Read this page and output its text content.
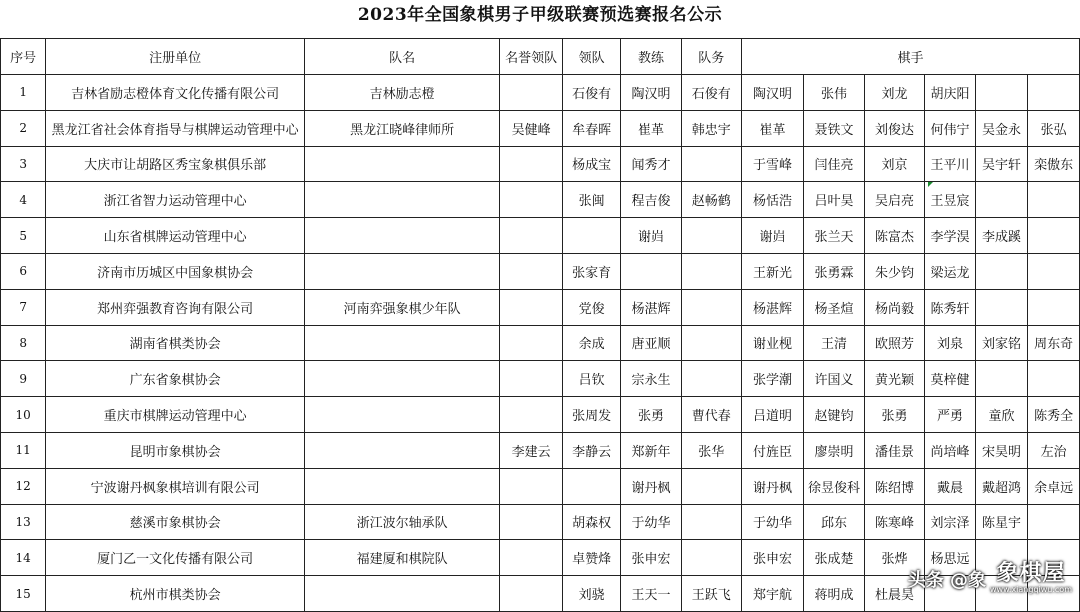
2023年全国象棋男子甲级联赛预选赛报名公示
序号	注册单位	队名	名誉领队	领队	教练	队务	棋手					
1	吉林省励志橙体育文化传播有限公司	吉林励志橙		石俊有	陶汉明	石俊有	陶汉明	张伟	刘龙	胡庆阳		
2	黑龙江省社会体育指导与棋牌运动管理中心	黑龙江晓峰律师所	吴健峰	牟春晖	崔革	韩忠宇	崔革	聂铁文	刘俊达	何伟宁	吴金永	张弘
3	大庆市让胡路区秀宝象棋俱乐部			杨成宝	闻秀才		于雪峰	闫佳亮	刘京	王平川	吴宇轩	栾傲东
4	浙江省智力运动管理中心			张闽	程吉俊	赵畅鹤	杨恬浩	吕叶昊	吴启亮	王昱宸		
5	山东省棋牌运动管理中心				谢岿		谢岿	张兰天	陈富杰	李学淏	李成蹊	
6	济南市历城区中国象棋协会			张家育			王新光	张勇霖	朱少钧	梁运龙		
7	郑州弈强教育咨询有限公司	河南弈强象棋少年队		党俊	杨湛辉		杨湛辉	杨圣煊	杨尚毅	陈秀轩		
8	湖南省棋类协会			余成	唐亚顺		谢业枧	王清	欧照芳	刘泉	刘家铭	周东奇
9	广东省象棋协会			吕钦	宗永生		张学潮	许国义	黄光颖	莫梓健		
10	重庆市棋牌运动管理中心			张周发	张勇	曹代春	吕道明	赵键钧	张勇	严勇	童欣	陈秀全
11	昆明市象棋协会		李建云	李静云	郑新年	张华	付旌臣	廖崇明	潘佳景	尚培峰	宋昊明	左治
12	宁波谢丹枫象棋培训有限公司				谢丹枫		谢丹枫	徐昱俊科	陈绍博	戴晨	戴超鸿	余卓远
13	慈溪市象棋协会	浙江波尔轴承队		胡森权	于幼华		于幼华	邱东	陈寒峰	刘宗泽	陈星宇	
14	厦门乙一文化传播有限公司	福建厦和棋院队		卓赞烽	张申宏		张申宏	张成楚	张烨	杨思远		
15	杭州市棋类协会			刘骁	王天一	王跃飞	郑宇航	蒋明成	杜晨昊			
头条 @象 象棋屋
www.xiangqiwu.com
